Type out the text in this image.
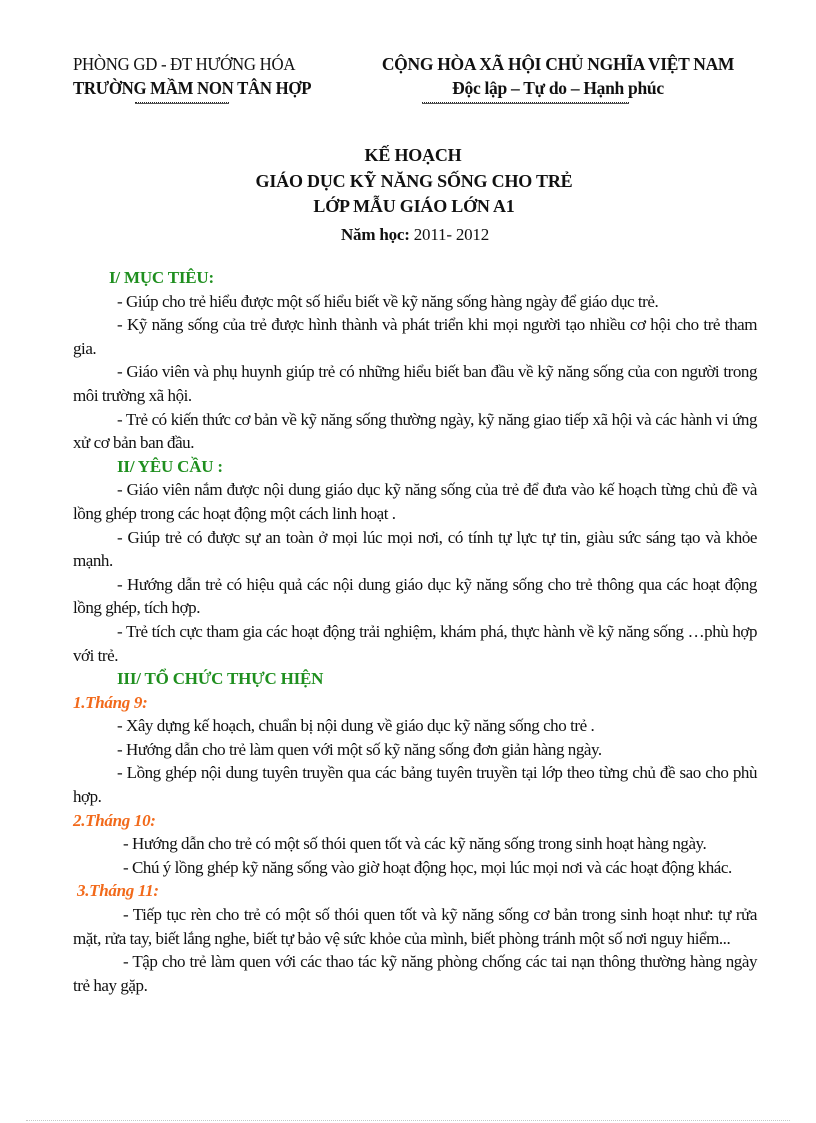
PHÒNG GD - ĐT HƯỚNG HÓA
TRƯỜNG MẦM NON TÂN HỢP
CỘNG HÒA XÃ HỘI CHỦ NGHĨA VIỆT NAM
Độc lập – Tự do – Hạnh phúc
KẾ HOẠCH
GIÁO DỤC KỸ NĂNG SỐNG CHO TRẺ
LỚP MẪU GIÁO LỚN A1
Năm học: 2011- 2012

I/ MỤC TIÊU:

- Giúp cho trẻ hiểu được một số hiểu biết về kỹ năng sống hàng ngày để giáo dục trẻ.

- Kỹ năng sống của trẻ được hình thành và phát triển khi mọi người tạo nhiều cơ hội cho trẻ tham gia.

- Giáo viên và phụ huynh giúp trẻ có những hiểu biết ban đầu về kỹ năng sống của con người trong môi trường xã hội.

- Trẻ có kiến thức cơ bản về kỹ năng sống thường ngày, kỹ năng giao tiếp xã hội và các hành vi ứng xử cơ bản ban đầu.

II/ YÊU CẦU :

- Giáo viên nắm được nội dung giáo dục kỹ năng sống của trẻ để đưa vào kế hoạch từng chủ đề và lồng ghép trong các hoạt động một cách linh hoạt .

- Giúp trẻ có được sự an toàn ở mọi lúc mọi nơi, có tính tự lực tự tin, giàu sức sáng tạo và khỏe mạnh.

- Hướng dẫn trẻ có hiệu quả các nội dung giáo dục kỹ năng sống cho trẻ thông qua các hoạt động lồng ghép, tích hợp.

- Trẻ tích cực tham gia các hoạt động trải nghiệm, khám phá, thực hành về kỹ năng sống …phù hợp với trẻ.

III/ TỔ CHỨC THỰC HIỆN

1.Tháng 9:

- Xây dựng kế hoạch, chuẩn bị nội dung về giáo dục kỹ năng sống cho trẻ .

- Hướng dẫn cho trẻ làm quen với một số kỹ năng sống đơn giản hàng ngày.

- Lồng ghép nội dung tuyên truyền qua các bảng tuyên truyền tại lớp theo từng chủ đề sao cho phù hợp.

2.Tháng 10:

- Hướng dẫn cho trẻ có một số thói quen tốt và các kỹ năng sống trong sinh hoạt hàng ngày.

- Chú ý lồng ghép kỹ năng sống vào giờ hoạt động học, mọi lúc mọi nơi và các hoạt động khác.

3.Tháng 11:

- Tiếp tục rèn cho trẻ có một số thói quen tốt và kỹ năng sống cơ bản trong sinh hoạt như: tự rửa mặt, rửa tay, biết lắng nghe, biết tự bảo vệ sức khỏe của mình, biết phòng tránh một số nơi nguy hiểm...

- Tập cho trẻ làm quen với các thao tác kỹ năng phòng chống các tai nạn thông thường hàng ngày trẻ hay gặp.
